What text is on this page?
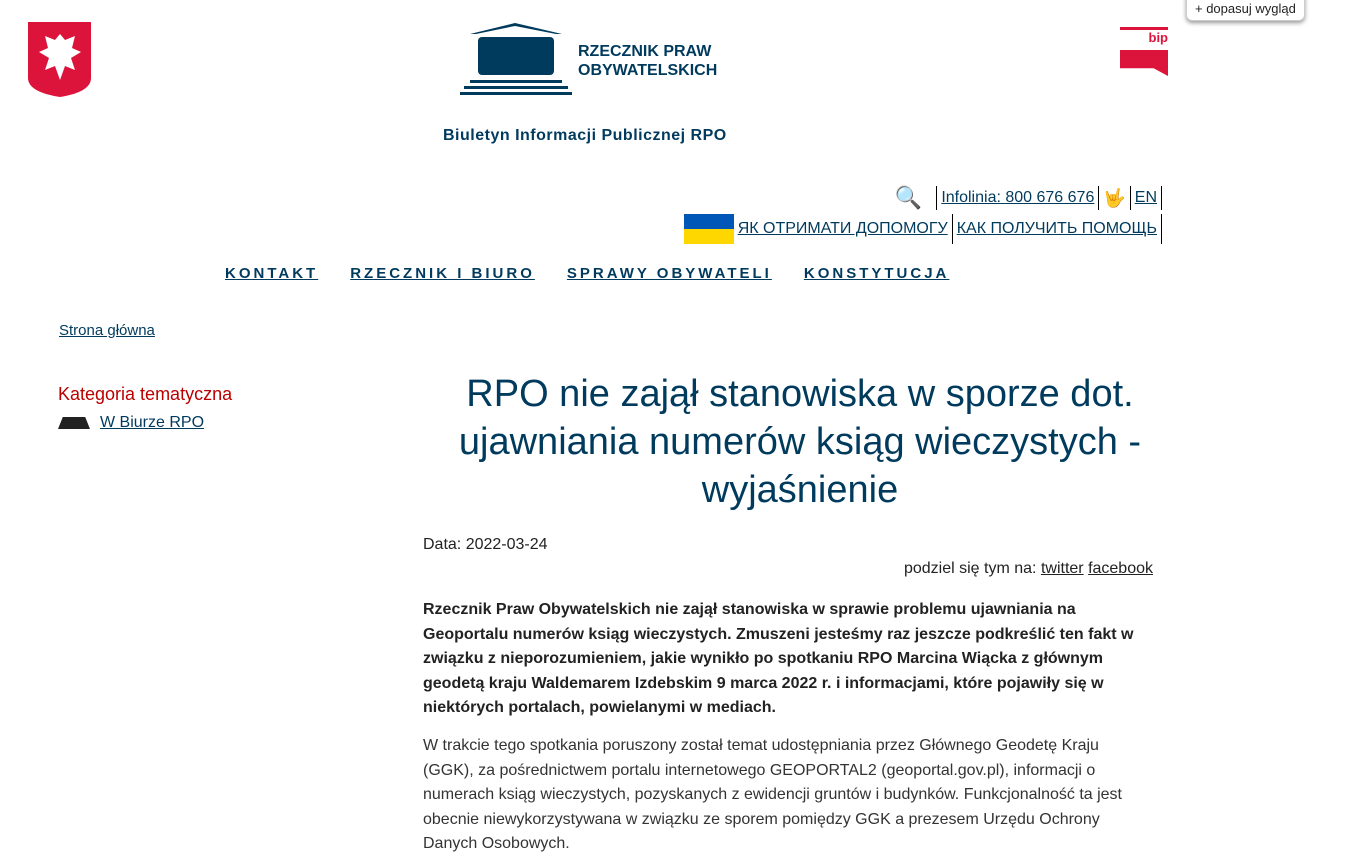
+ dopasuj wygląd
RZECZNIK PRAW
OBYWATELSKICH
Biuletyn Informacji Publicznej RPO
bip
🔍 Infolinia: 800 676 676 🤟 EN
ЯК ОТРИМАТИ ДОПОМОГУ КАК ПОЛУЧИТЬ ПОМОЩЬ
KONTAKT RZECZNIK I BIURO SPRAWY OBYWATELI KONSTYTUCJA
Strona główna
Kategoria tematyczna
W Biurze RPO
RPO nie zajął stanowiska w sporze dot. ujawniania numerów ksiąg wieczystych - wyjaśnienie
Data: 2022-03-24
podziel się tym na: twitter facebook
Rzecznik Praw Obywatelskich nie zajął stanowiska w sprawie problemu ujawniania na Geoportalu numerów ksiąg wieczystych. Zmuszeni jesteśmy raz jeszcze podkreślić ten fakt w związku z nieporozumieniem, jakie wynikło po spotkaniu RPO Marcina Wiącka z głównym geodetą kraju Waldemarem Izdebskim 9 marca 2022 r. i informacjami, które pojawiły się w niektórych portalach, powielanymi w mediach.
W trakcie tego spotkania poruszony został temat udostępniania przez Głównego Geodetę Kraju (GGK), za pośrednictwem portalu internetowego GEOPORTAL2 (geoportal.gov.pl), informacji o numerach ksiąg wieczystych, pozyskanych z ewidencji gruntów i budynków. Funkcjonalność ta jest obecnie niewykorzystywana w związku ze sporem pomiędzy GGK a prezesem Urzędu Ochrony Danych Osobowych.
